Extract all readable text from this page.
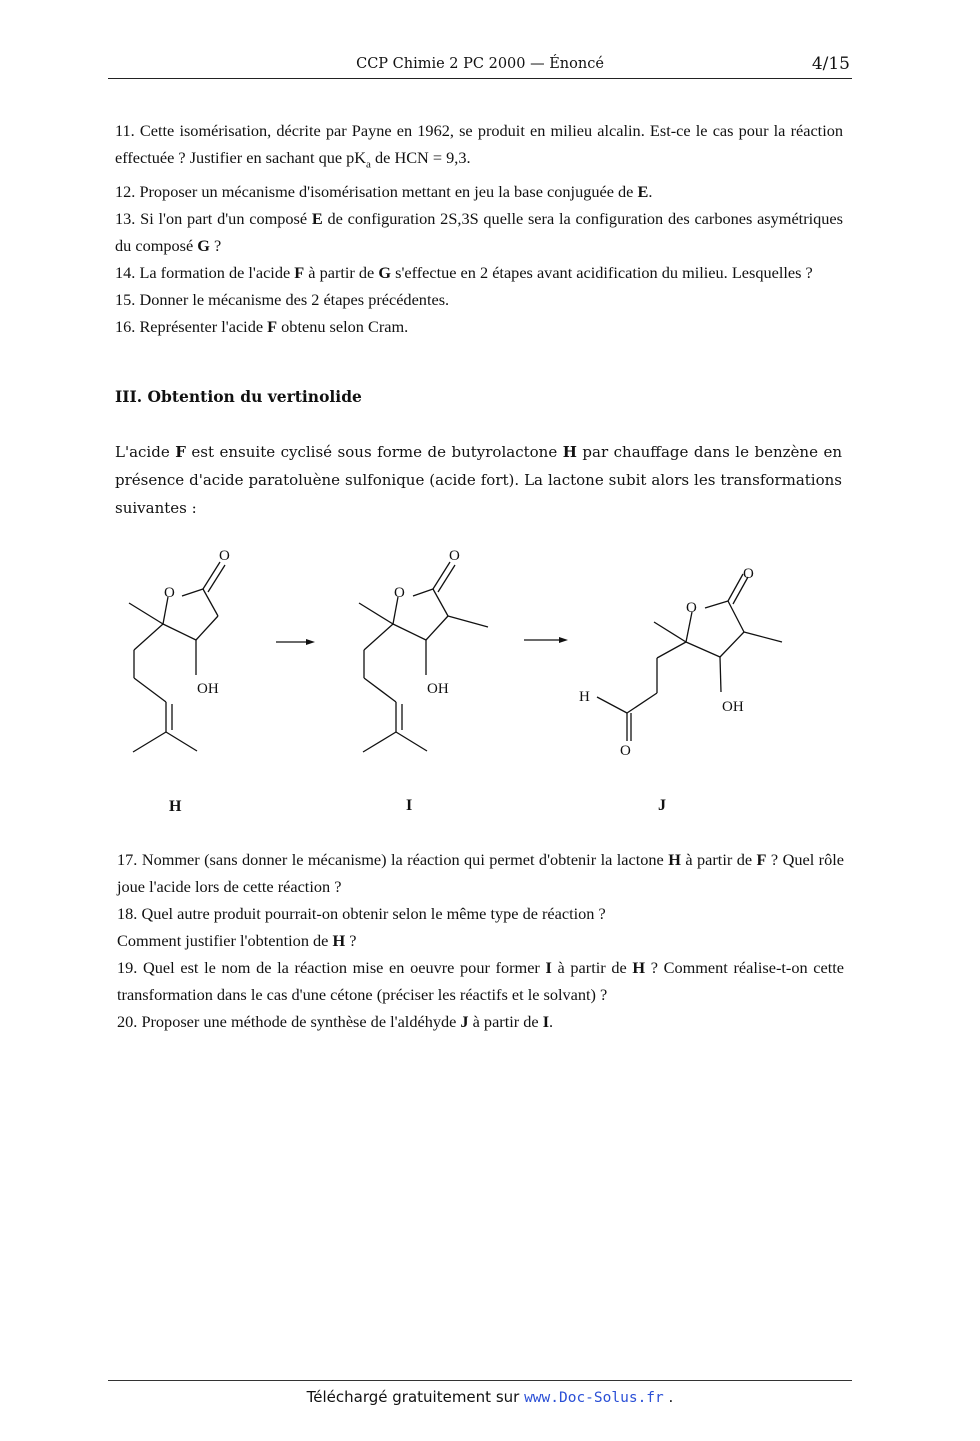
CCP Chimie 2 PC 2000 — Énoncé	4/15

11. Cette isomérisation, décrite par Payne en 1962, se produit en milieu alcalin. Est-ce le cas pour la réaction effectuée ? Justifier en sachant que $pK_a$ de HCN = 9,3.

12. Proposer un mécanisme d'isomérisation mettant en jeu la base conjuguée de E.

13. Si l'on part d'un composé E de configuration 2S,3S quelle sera la configuration des carbones asymétriques du composé G ?

14. La formation de l'acide F à partir de G s'effectue en 2 étapes avant acidification du milieu. Lesquelles ?

15. Donner le mécanisme des 2 étapes précédentes.

16. Représenter l'acide F obtenu selon Cram.

III. Obtention du vertinolide
L'acide F est ensuite cyclisé sous forme de butyrolactone H par chauffage dans le benzène en présence d'acide paratoluène sulfonique (acide fort). La lactone subit alors les transformations suivantes :
O
O
OH
O
O
OH
O
O
OH
H
O
H	I	J

17. Nommer (sans donner le mécanisme) la réaction qui permet d'obtenir la lactone H à partir de F ? Quel rôle joue l'acide lors de cette réaction ?

18. Quel autre produit pourrait-on obtenir selon le même type de réaction ?

Comment justifier l'obtention de H ?

19. Quel est le nom de la réaction mise en oeuvre pour former I à partir de H ? Comment réalise-t-on cette transformation dans le cas d'une cétone (préciser les réactifs et le solvant) ?

20. Proposer une méthode de synthèse de l'aldéhyde J à partir de I.

Téléchargé gratuitement sur www.Doc-Solus.fr .
